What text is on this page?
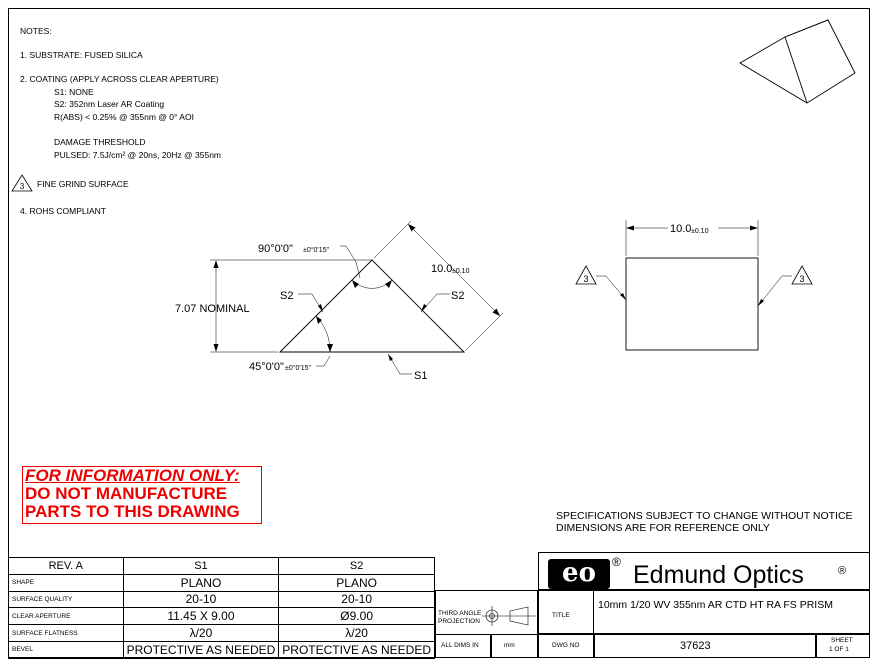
NOTES:
1. SUBSTRATE: FUSED SILICA
2. COATING (APPLY ACROSS CLEAR APERTURE)
S1: NONE
S2: 352nm Laser AR Coating
R(ABS) < 0.25% @ 355nm @ 0° AOI
DAMAGE THRESHOLD
PULSED: 7.5J/cm² @ 20ns, 20Hz @ 355nm
FINE GRIND SURFACE
4. ROHS COMPLIANT
3
90°0'0" ±0°0'15"
7.07 NOMINAL
S2	S2
45°0'0" ±0°0'15"
S1
10.0 ±0.10
10.0 ±0.10
3	3
FOR INFORMATION ONLY:
DO NOT MANUFACTURE
PARTS TO THIS DRAWING	SPECIFICATIONS SUBJECT TO CHANGE WITHOUT NOTICE
DIMENSIONS ARE FOR REFERENCE ONLY
REV. A	S1	S2
SHAPE	PLANO	PLANO
SURFACE QUALITY	20-10	20-10
CLEAR APERTURE	11.45 X 9.00	Ø9.00
SURFACE FLATNESS	λ/20	λ/20
BEVEL	PROTECTIVE AS NEEDED	PROTECTIVE AS NEEDED
THIRD ANGLE PROJECTION
eo	® Edmund Optics	®
TITLE
10mm 1/20 WV 355nm AR CTD HT RA FS PRISM
ALL DIMS IN	mm	DWG NO	37623	SHEET
1 OF 1
